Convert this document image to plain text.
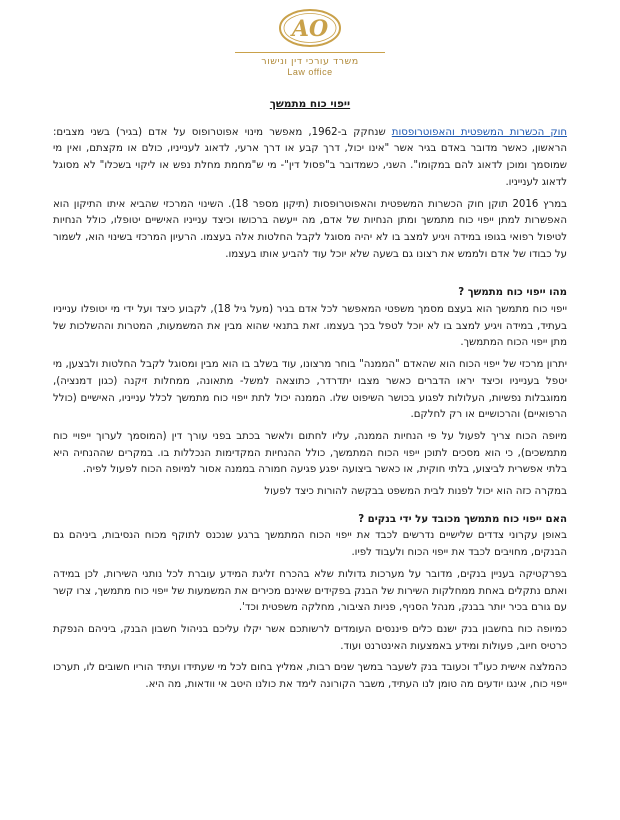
AO
משרד עורכי דין ונישור
Law office
ייפוי כוח מתמשך

חוק הכשרות המשפטית והאפוטרופסות שנחקק ב-1962, מאפשר מינוי אפוטרופוס על אדם (בגיר) בשני מצבים: הראשון, כאשר מדובר באדם בגיר אשר "אינו יכול, דרך קבע או דרך ארעי, לדאוג לענייניו, כולם או מקצתם, ואין מי שמוסמך ומוכן לדאוג להם במקומו". השני, כשמדובר ב"פסול דין"- מי ש"מחמת מחלת נפש או ליקוי בשכלו" לא מסוגל לדאוג לענייניו.

במרץ 2016 תוקן חוק הכשרות המשפטית והאפוטרופסות (תיקון מספר 18). השינוי המרכזי שהביא איתו התיקון הוא האפשרות למתן ייפוי כוח מתמשך ומתן הנחיות של אדם, מה ייעשה ברכושו וכיצד ענייניו האישיים יטופלו, כולל הנחיות לטיפול רפואי בגופו במידה ויגיע למצב בו לא יהיה מסוגל לקבל החלטות אלה בעצמו. הרעיון המרכזי בשינוי הוא, לשמור על כבודו של אדם ולממש את רצונו גם בשעה שלא יוכל עוד להביע אותו בעצמו.

מהו ייפוי כוח מתמשך ?

ייפוי כוח מתמשך הוא בעצם מסמך משפטי המאפשר לכל אדם בגיר (מעל גיל 18), לקבוע כיצד ועל ידי מי יטופלו ענייניו בעתיד, במידה ויגיע למצב בו לא יוכל לטפל בכך בעצמו. זאת בתנאי שהוא מבין את המשמעות, המטרות וההשלכות של מתן ייפוי הכוח המתמשך.

יתרון מרכזי של ייפוי הכוח הוא שהאדם "הממנה" בוחר מרצונו, עוד בשלב בו הוא מבין ומסוגל לקבל החלטות ולבצען, מי יטפל בענייניו וכיצד יראו הדברים כאשר מצבו יתדרדר, כתוצאה למשל- מתאונה, ממחלות זיקנה (כגון דמנציה), ממוגבלות נפשיות, העלולות לפגוע בכושר השיפוט שלו. הממנה יכול לתת ייפוי כוח מתמשך לכלל ענייניו, האישיים (כולל הרפואיים) והרכושיים או רק לחלקם.

מיופה הכוח צריך לפעול על פי הנחיות הממנה, עליו לחתום ולאשר בכתב בפני עורך דין (המוסמך לערוך ייפויי כוח מתמשכים), כי הוא מסכים לתוכן ייפוי הכוח המתמשך, כולל ההנחיות המקדימות הנכללות בו. במקרים שההנחיה היא בלתי אפשרית לביצוע, בלתי חוקית, או כאשר ביצועה יפגע פגיעה חמורה בממנה אסור למיופה הכוח לפעול לפיה.

במקרה כזה הוא יכול לפנות לבית המשפט בבקשה להורות כיצד לפעול

האם ייפוי כוח מתמשך מכובד על ידי בנקים ?

באופן עקרוני צדדים שלישיים נדרשים לכבד את ייפוי הכוח המתמשך ברגע שנכנס לתוקף מכוח הנסיבות, ביניהם גם הבנקים, מחויבים לכבד את ייפוי הכוח ולעבוד לפיו.

בפרקטיקה בעניין בנקים, מדובר על מערכות גדולות שלא בהכרח זליגת המידע עוברת לכל נותני השירות, לכן במידה ואתם נתקלים באחת ממחלקות השירות של הבנק בפקידים שאינם מכירים את המשמעות של ייפוי כוח מתמשך, צרו קשר עם גורם בכיר יותר בבנק, מנהל הסניף, פניות הציבור, מחלקה משפטית וכד'.

כמיופה כוח בחשבון בנק ישנם כלים פיננסים העומדים לרשותכם אשר יקלו עליכם בניהול חשבון הבנק, ביניהם הנפקת כרטיס חיוב, פעולות ומידע באמצעות האינטרנט ועוד.

כהמלצה אישית כעו"ד וכעובד בנק לשעבר במשך שנים רבות, אמליץ בחום לכל מי שעתידו ועתיד הוריו חשובים לו, תערכו ייפוי כוח, אינגו יודעים מה טומן לנו העתיד, משבר הקורונה לימד את כולנו היטב אי וודאות, מה היא.
